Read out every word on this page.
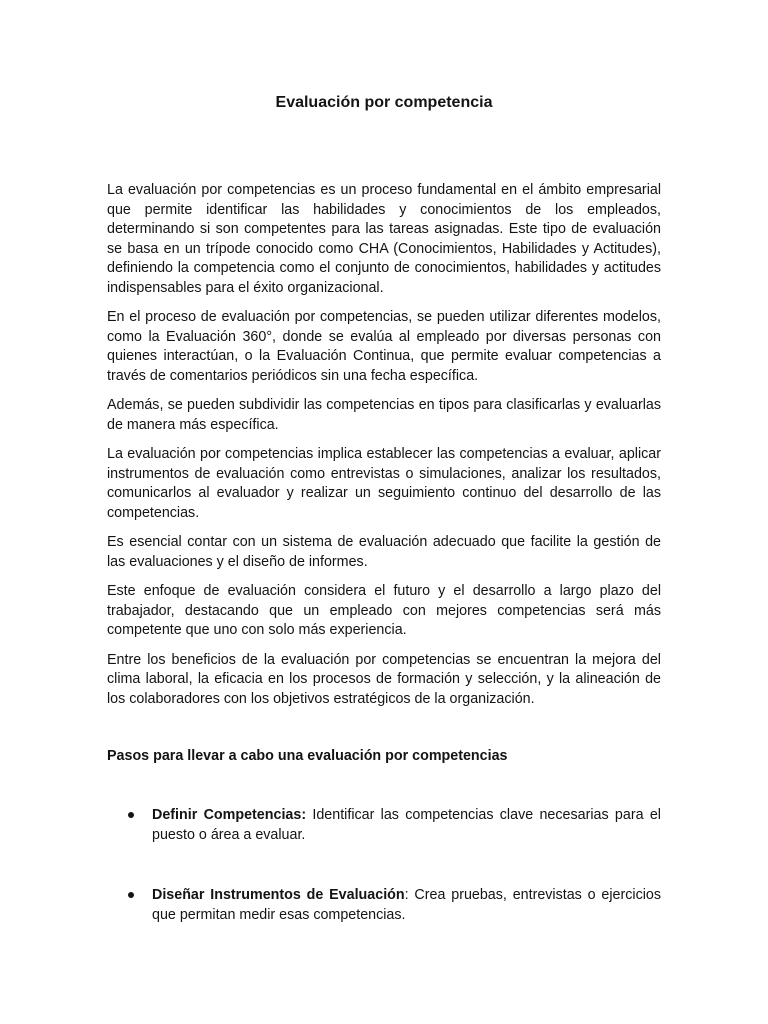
Evaluación por competencia

La evaluación por competencias es un proceso fundamental en el ámbito empresarial que permite identificar las habilidades y conocimientos de los empleados, determinando si son competentes para las tareas asignadas. Este tipo de evaluación se basa en un trípode conocido como CHA (Conocimientos, Habilidades y Actitudes), definiendo la competencia como el conjunto de conocimientos, habilidades y actitudes indispensables para el éxito organizacional.

En el proceso de evaluación por competencias, se pueden utilizar diferentes modelos, como la Evaluación 360°, donde se evalúa al empleado por diversas personas con quienes interactúan, o la Evaluación Continua, que permite evaluar competencias a través de comentarios periódicos sin una fecha específica.

Además, se pueden subdividir las competencias en tipos para clasificarlas y evaluarlas de manera más específica.

La evaluación por competencias implica establecer las competencias a evaluar, aplicar instrumentos de evaluación como entrevistas o simulaciones, analizar los resultados, comunicarlos al evaluador y realizar un seguimiento continuo del desarrollo de las competencias.

Es esencial contar con un sistema de evaluación adecuado que facilite la gestión de las evaluaciones y el diseño de informes.

Este enfoque de evaluación considera el futuro y el desarrollo a largo plazo del trabajador, destacando que un empleado con mejores competencias será más competente que uno con solo más experiencia.

Entre los beneficios de la evaluación por competencias se encuentran la mejora del clima laboral, la eficacia en los procesos de formación y selección, y la alineación de los colaboradores con los objetivos estratégicos de la organización.

Pasos para llevar a cabo una evaluación por competencias
Definir Competencias: Identificar las competencias clave necesarias para el puesto o área a evaluar.
Diseñar Instrumentos de Evaluación: Crea pruebas, entrevistas o ejercicios que permitan medir esas competencias.
